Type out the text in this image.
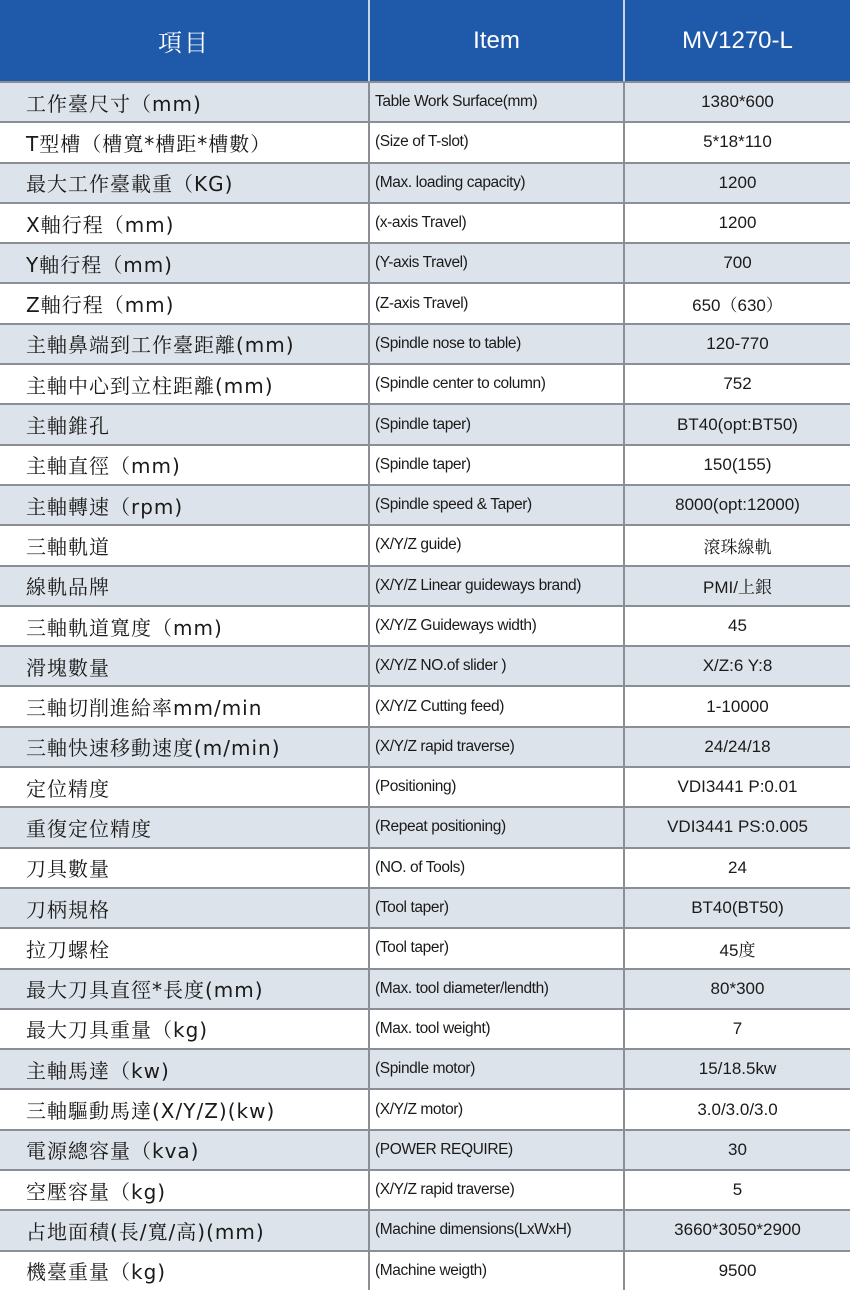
項目	Item	MV1270-L
工作臺尺寸（mm)	Table Work Surface(mm)	1380*600
T型槽（槽寬*槽距*槽數）	(Size of T-slot)	5*18*110
最大工作臺載重（KG)	(Max. loading capacity)	1200
X軸行程（mm)	(x-axis Travel)	1200
Y軸行程（mm)	(Y-axis Travel)	700
Z軸行程（mm)	(Z-axis Travel)	650（630）
主軸鼻端到工作臺距離(mm)	(Spindle nose to table)	120-770
主軸中心到立柱距離(mm)	(Spindle center to column)	752
主軸錐孔	(Spindle taper)	BT40(opt:BT50)
主軸直徑（mm)	(Spindle taper)	150(155)
主軸轉速（rpm)	(Spindle speed & Taper)	8000(opt:12000)
三軸軌道	(X/Y/Z guide)	滾珠線軌
線軌品牌	(X/Y/Z Linear guideways brand)	PMI/上銀
三軸軌道寬度（mm)	(X/Y/Z Guideways width)	45
滑塊數量	(X/Y/Z NO.of slider )	X/Z:6 Y:8
三軸切削進給率mm/min	(X/Y/Z Cutting feed)	1-10000
三軸快速移動速度(m/min)	(X/Y/Z rapid traverse)	24/24/18
定位精度	(Positioning)	VDI3441 P:0.01
重復定位精度	(Repeat positioning)	VDI3441 PS:0.005
刀具數量	(NO. of Tools)	24
刀柄規格	(Tool taper)	BT40(BT50)
拉刀螺栓	(Tool taper)	45度
最大刀具直徑*長度(mm)	(Max. tool diameter/lendth)	80*300
最大刀具重量（kg)	(Max. tool weight)	7
主軸馬達（kw)	(Spindle motor)	15/18.5kw
三軸驅動馬達(X/Y/Z)(kw)	(X/Y/Z motor)	3.0/3.0/3.0
電源總容量（kva)	(POWER REQUIRE)	30
空壓容量（kg)	(X/Y/Z rapid traverse)	5
占地面積(長/寬/高)(mm)	(Machine dimensions(LxWxH)	3660*3050*2900
機臺重量（kg)	(Machine weigth)	9500
